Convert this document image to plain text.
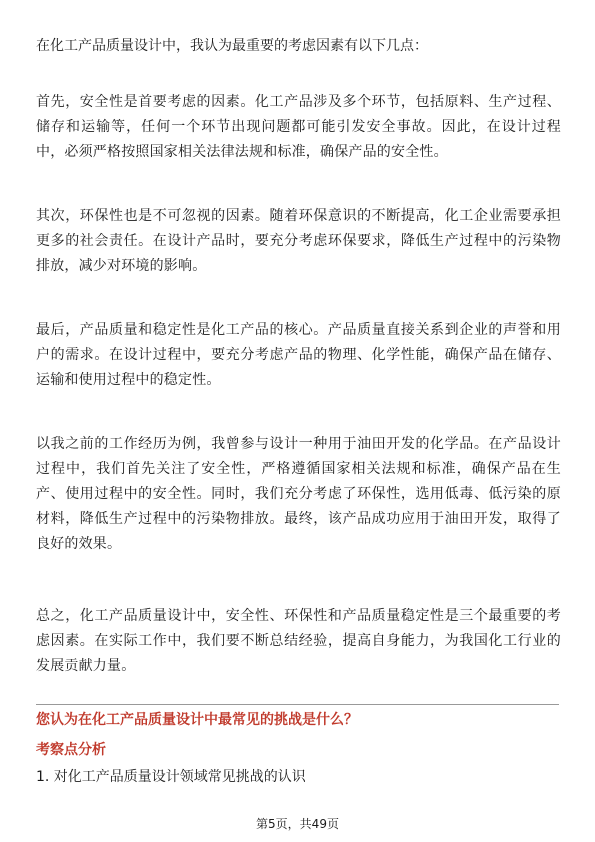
在化工产品质量设计中，我认为最重要的考虑因素有以下几点：

首先，安全性是首要考虑的因素。化工产品涉及多个环节，包括原料、生产过程、储存和运输等，任何一个环节出现问题都可能引发安全事故。因此，在设计过程中，必须严格按照国家相关法律法规和标准，确保产品的安全性。

其次，环保性也是不可忽视的因素。随着环保意识的不断提高，化工企业需要承担更多的社会责任。在设计产品时，要充分考虑环保要求，降低生产过程中的污染物排放，减少对环境的影响。

最后，产品质量和稳定性是化工产品的核心。产品质量直接关系到企业的声誉和用户的需求。在设计过程中，要充分考虑产品的物理、化学性能，确保产品在储存、运输和使用过程中的稳定性。

以我之前的工作经历为例，我曾参与设计一种用于油田开发的化学品。在产品设计过程中，我们首先关注了安全性，严格遵循国家相关法规和标准，确保产品在生产、使用过程中的安全性。同时，我们充分考虑了环保性，选用低毒、低污染的原材料，降低生产过程中的污染物排放。最终，该产品成功应用于油田开发，取得了良好的效果。

总之，化工产品质量设计中，安全性、环保性和产品质量稳定性是三个最重要的考虑因素。在实际工作中，我们要不断总结经验，提高自身能力，为我国化工行业的发展贡献力量。

您认为在化工产品质量设计中最常见的挑战是什么？

考察点分析

1. 对化工产品质量设计领域常见挑战的认识

第5页，共49页
